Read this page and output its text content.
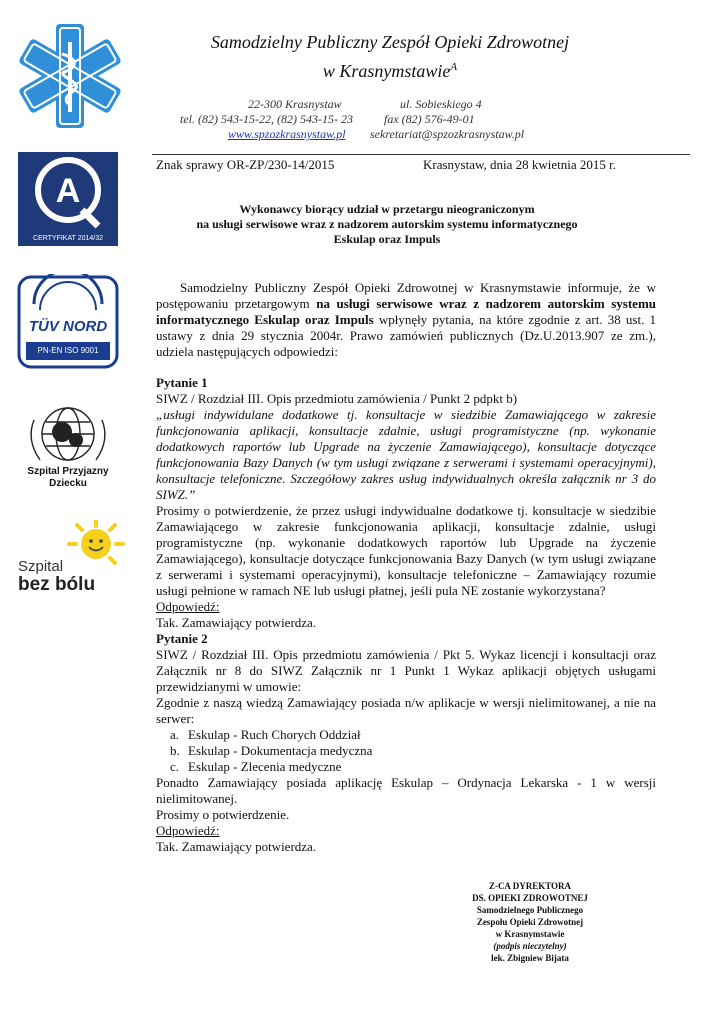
A
CERTYFIKAT 2014/32
TÜV NORD
PN-EN ISO 9001
Szpital Przyjazny
Dziecku
Szpital
bez bólu
Samodzielny Publiczny Zespół Opieki Zdrowotnej
w Krasnymstawie$^A$
22-300 Krasnystaw	ul. Sobieskiego 4
tel. (82) 543-15-22, (82) 543-15- 23	fax (82) 576-49-01
www.spzozkrasnystaw.pl sekretariat@spzozkrasnystaw.pl
Znak sprawy OR-ZP/230-14/2015	Krasnystaw, dnia 28 kwietnia 2015 r.
Wykonawcy biorący udział w przetargu nieograniczonym
na usługi serwisowe wraz z nadzorem autorskim systemu informatycznego
Eskulap oraz Impuls

Samodzielny Publiczny Zespół Opieki Zdrowotnej w Krasnymstawie informuje, że w postępowaniu przetargowym na usługi serwisowe wraz z nadzorem autorskim systemu informatycznego Eskulap oraz Impuls wpłynęły pytania, na które zgodnie z art. 38 ust. 1 ustawy z dnia 29 stycznia 2004r. Prawo zamówień publicznych (Dz.U.2013.907 ze zm.), udziela następujących odpowiedzi:

Pytanie 1

SIWZ / Rozdział III. Opis przedmiotu zamówienia / Punkt 2 pdpkt b)

„usługi indywidulane dodatkowe tj. konsultacje w siedzibie Zamawiającego w zakresie funkcjonowania aplikacji, konsultacje zdalnie, usługi programistyczne (np. wykonanie dodatkowych raportów lub Upgrade na życzenie Zamawiającego), konsultacje dotyczące funkcjonowania Bazy Danych (w tym usługi związane z serwerami i systemami operacyjnymi), konsultacje telefoniczne. Szczegółowy zakres usług indywidualnych określa załącznik nr 3 do SIWZ.”

Prosimy o potwierdzenie, że przez usługi indywidualne dodatkowe tj. konsultacje w siedzibie Zamawiającego w zakresie funkcjonowania aplikacji, konsultacje zdalnie, usługi programistyczne (np. wykonanie dodatkowych raportów lub Upgrade na życzenie Zamawiającego), konsultacje dotyczące funkcjonowania Bazy Danych (w tym usługi związane z serwerami i systemami operacyjnymi), konsultacje telefoniczne – Zamawiający rozumie usługi pełnione w ramach NE lub usługi płatnej, jeśli pula NE zostanie wykorzystana?

Odpowiedź:

Tak. Zamawiający potwierdza.

Pytanie 2

SIWZ / Rozdział III. Opis przedmiotu zamówienia / Pkt 5. Wykaz licencji i konsultacji oraz Załącznik nr 8 do SIWZ Załącznik nr 1 Punkt 1 Wykaz aplikacji objętych usługami przewidzianymi w umowie:

Zgodnie z naszą wiedzą Zamawiający posiada n/w aplikacje w wersji nielimitowanej, a nie na serwer:

a. Eskulap - Ruch Chorych Oddział
b. Eskulap - Dokumentacja medyczna
c. Eskulap - Zlecenia medyczne

Ponadto Zamawiający posiada aplikację Eskulap – Ordynacja Lekarska - 1 w wersji nielimitowanej.

Prosimy o potwierdzenie.

Odpowiedź:

Tak. Zamawiający potwierdza.

Z-CA DYREKTORA
DS. OPIEKI ZDROWOTNEJ
Samodzielnego Publicznego
Zespołu Opieki Zdrowotnej
w Krasnymstawie
(podpis nieczytelny)
lek. Zbigniew Bijata
